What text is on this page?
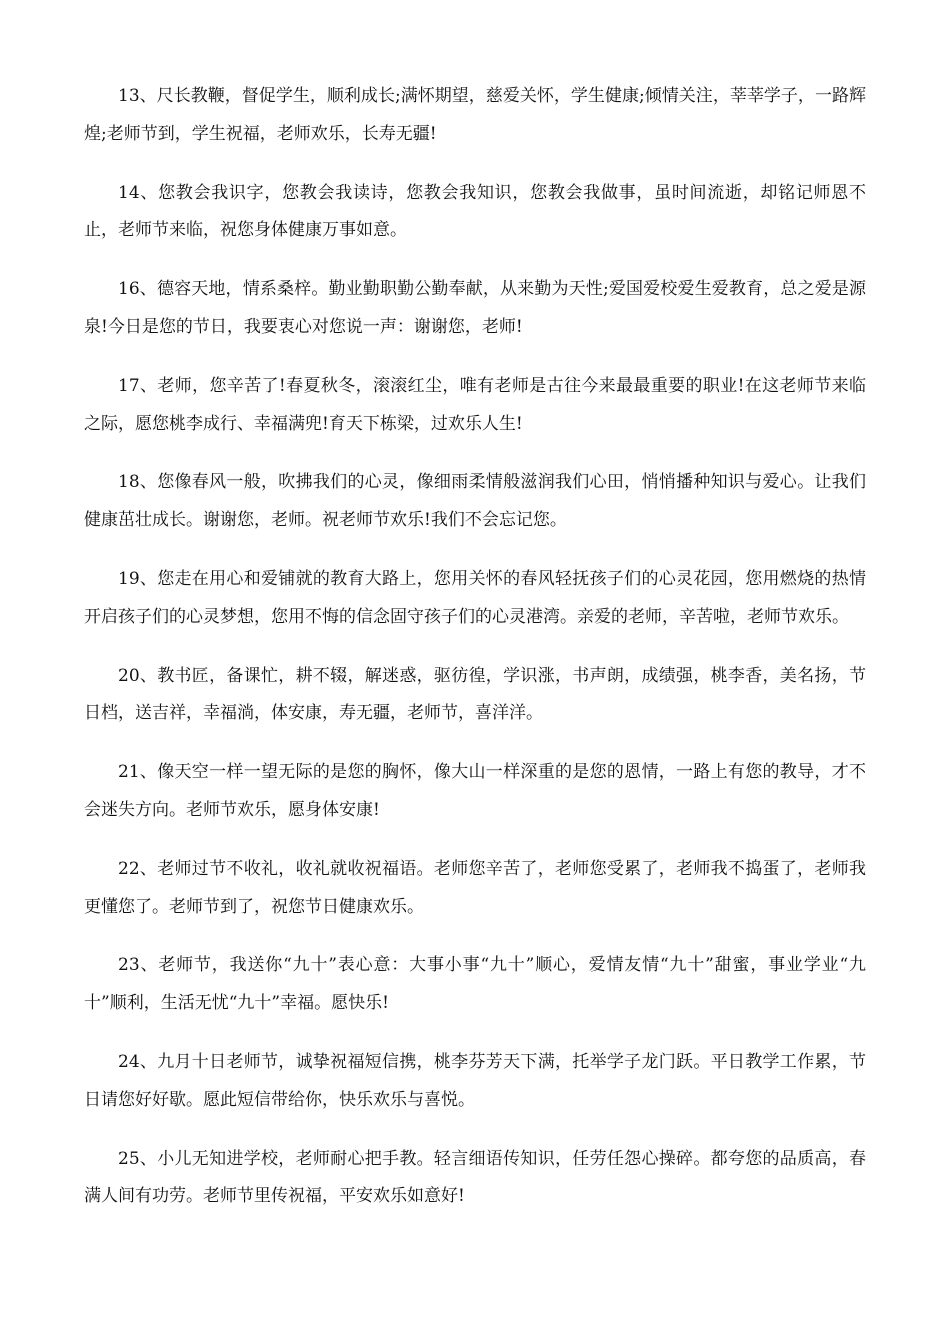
13、尺长教鞭，督促学生，顺利成长;满怀期望，慈爱关怀，学生健康;倾情关注，莘莘学子，一路辉煌;老师节到，学生祝福，老师欢乐，长寿无疆!

14、您教会我识字，您教会我读诗，您教会我知识，您教会我做事，虽时间流逝，却铭记师恩不止，老师节来临，祝您身体健康万事如意。

16、德容天地，情系桑梓。勤业勤职勤公勤奉献，从来勤为天性;爱国爱校爱生爱教育，总之爱是源泉!今日是您的节日，我要衷心对您说一声：谢谢您，老师!

17、老师，您辛苦了!春夏秋冬，滚滚红尘，唯有老师是古往今来最最重要的职业!在这老师节来临之际，愿您桃李成行、幸福满兜!育天下栋梁，过欢乐人生!

18、您像春风一般，吹拂我们的心灵，像细雨柔情般滋润我们心田，悄悄播种知识与爱心。让我们健康茁壮成长。谢谢您，老师。祝老师节欢乐!我们不会忘记您。

19、您走在用心和爱铺就的教育大路上，您用关怀的春风轻抚孩子们的心灵花园，您用燃烧的热情开启孩子们的心灵梦想，您用不悔的信念固守孩子们的心灵港湾。亲爱的老师，辛苦啦，老师节欢乐。

20、教书匠，备课忙，耕不辍，解迷惑，驱彷徨，学识涨，书声朗，成绩强，桃李香，美名扬，节日档，送吉祥，幸福淌，体安康，寿无疆，老师节，喜洋洋。

21、像天空一样一望无际的是您的胸怀，像大山一样深重的是您的恩情，一路上有您的教导，才不会迷失方向。老师节欢乐，愿身体安康!

22、老师过节不收礼，收礼就收祝福语。老师您辛苦了，老师您受累了，老师我不捣蛋了，老师我更懂您了。老师节到了，祝您节日健康欢乐。

23、老师节，我送你“九十”表心意：大事小事“九十”顺心，爱情友情“九十”甜蜜，事业学业“九十”顺利，生活无忧“九十”幸福。愿快乐!

24、九月十日老师节，诚挚祝福短信携，桃李芬芳天下满，托举学子龙门跃。平日教学工作累，节日请您好好歇。愿此短信带给你，快乐欢乐与喜悦。

25、小儿无知进学校，老师耐心把手教。轻言细语传知识，任劳任怨心操碎。都夸您的品质高，春满人间有功劳。老师节里传祝福，平安欢乐如意好!
